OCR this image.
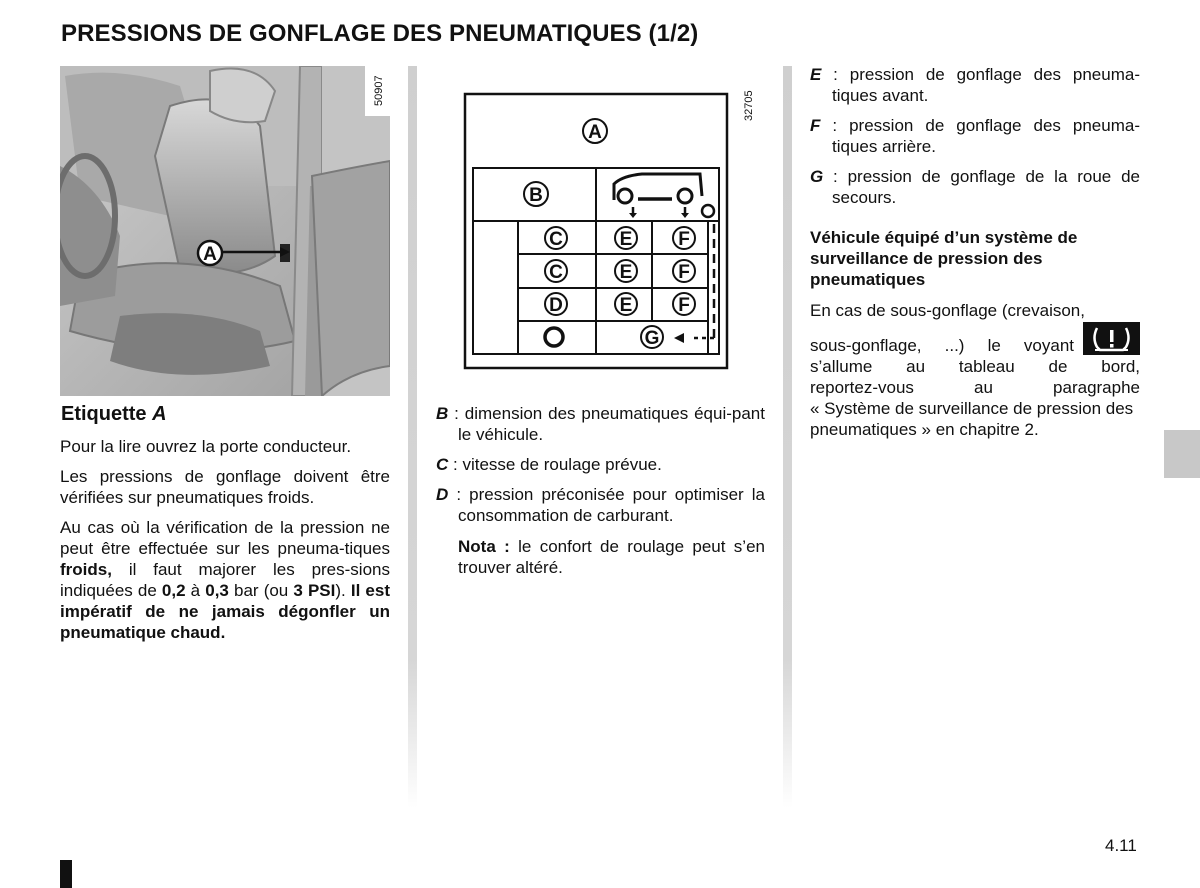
PRESSIONS DE GONFLAGE DES PNEUMATIQUES (1/2)
A
50907
Etiquette A
Pour la lire ouvrez la porte conducteur.
Les pressions de gonflage doivent être vérifiées sur pneumatiques froids.
Au cas où la vérification de la pression ne peut être effectuée sur les pneuma-tiques froids, il faut majorer les pres-sions indiquées de 0,2 à 0,3 bar (ou 3 PSI). Il est impératif de ne jamais dégonfler un pneumatique chaud.
A
B
C	E F
C	E F
D	E F
G
32705
B : dimension des pneumatiques équi-pant le véhicule.
C : vitesse de roulage prévue.
D : pression préconisée pour optimiser la consommation de carburant.
Nota : le confort de roulage peut s’en trouver altéré.
E : pression de gonflage des pneuma-tiques avant.
F : pression de gonflage des pneuma-tiques arrière.
G : pression de gonflage de la roue de secours.
Véhicule équipé d’un système de surveillance de pression des pneumatiques
En cas de sous-gonflage (crevaison,
sous-gonflage, ...) le voyant
s’allume au tableau de bord,
reportez-vous au paragraphe
« Système de surveillance de pression des pneumatiques » en chapitre 2.
4.11
